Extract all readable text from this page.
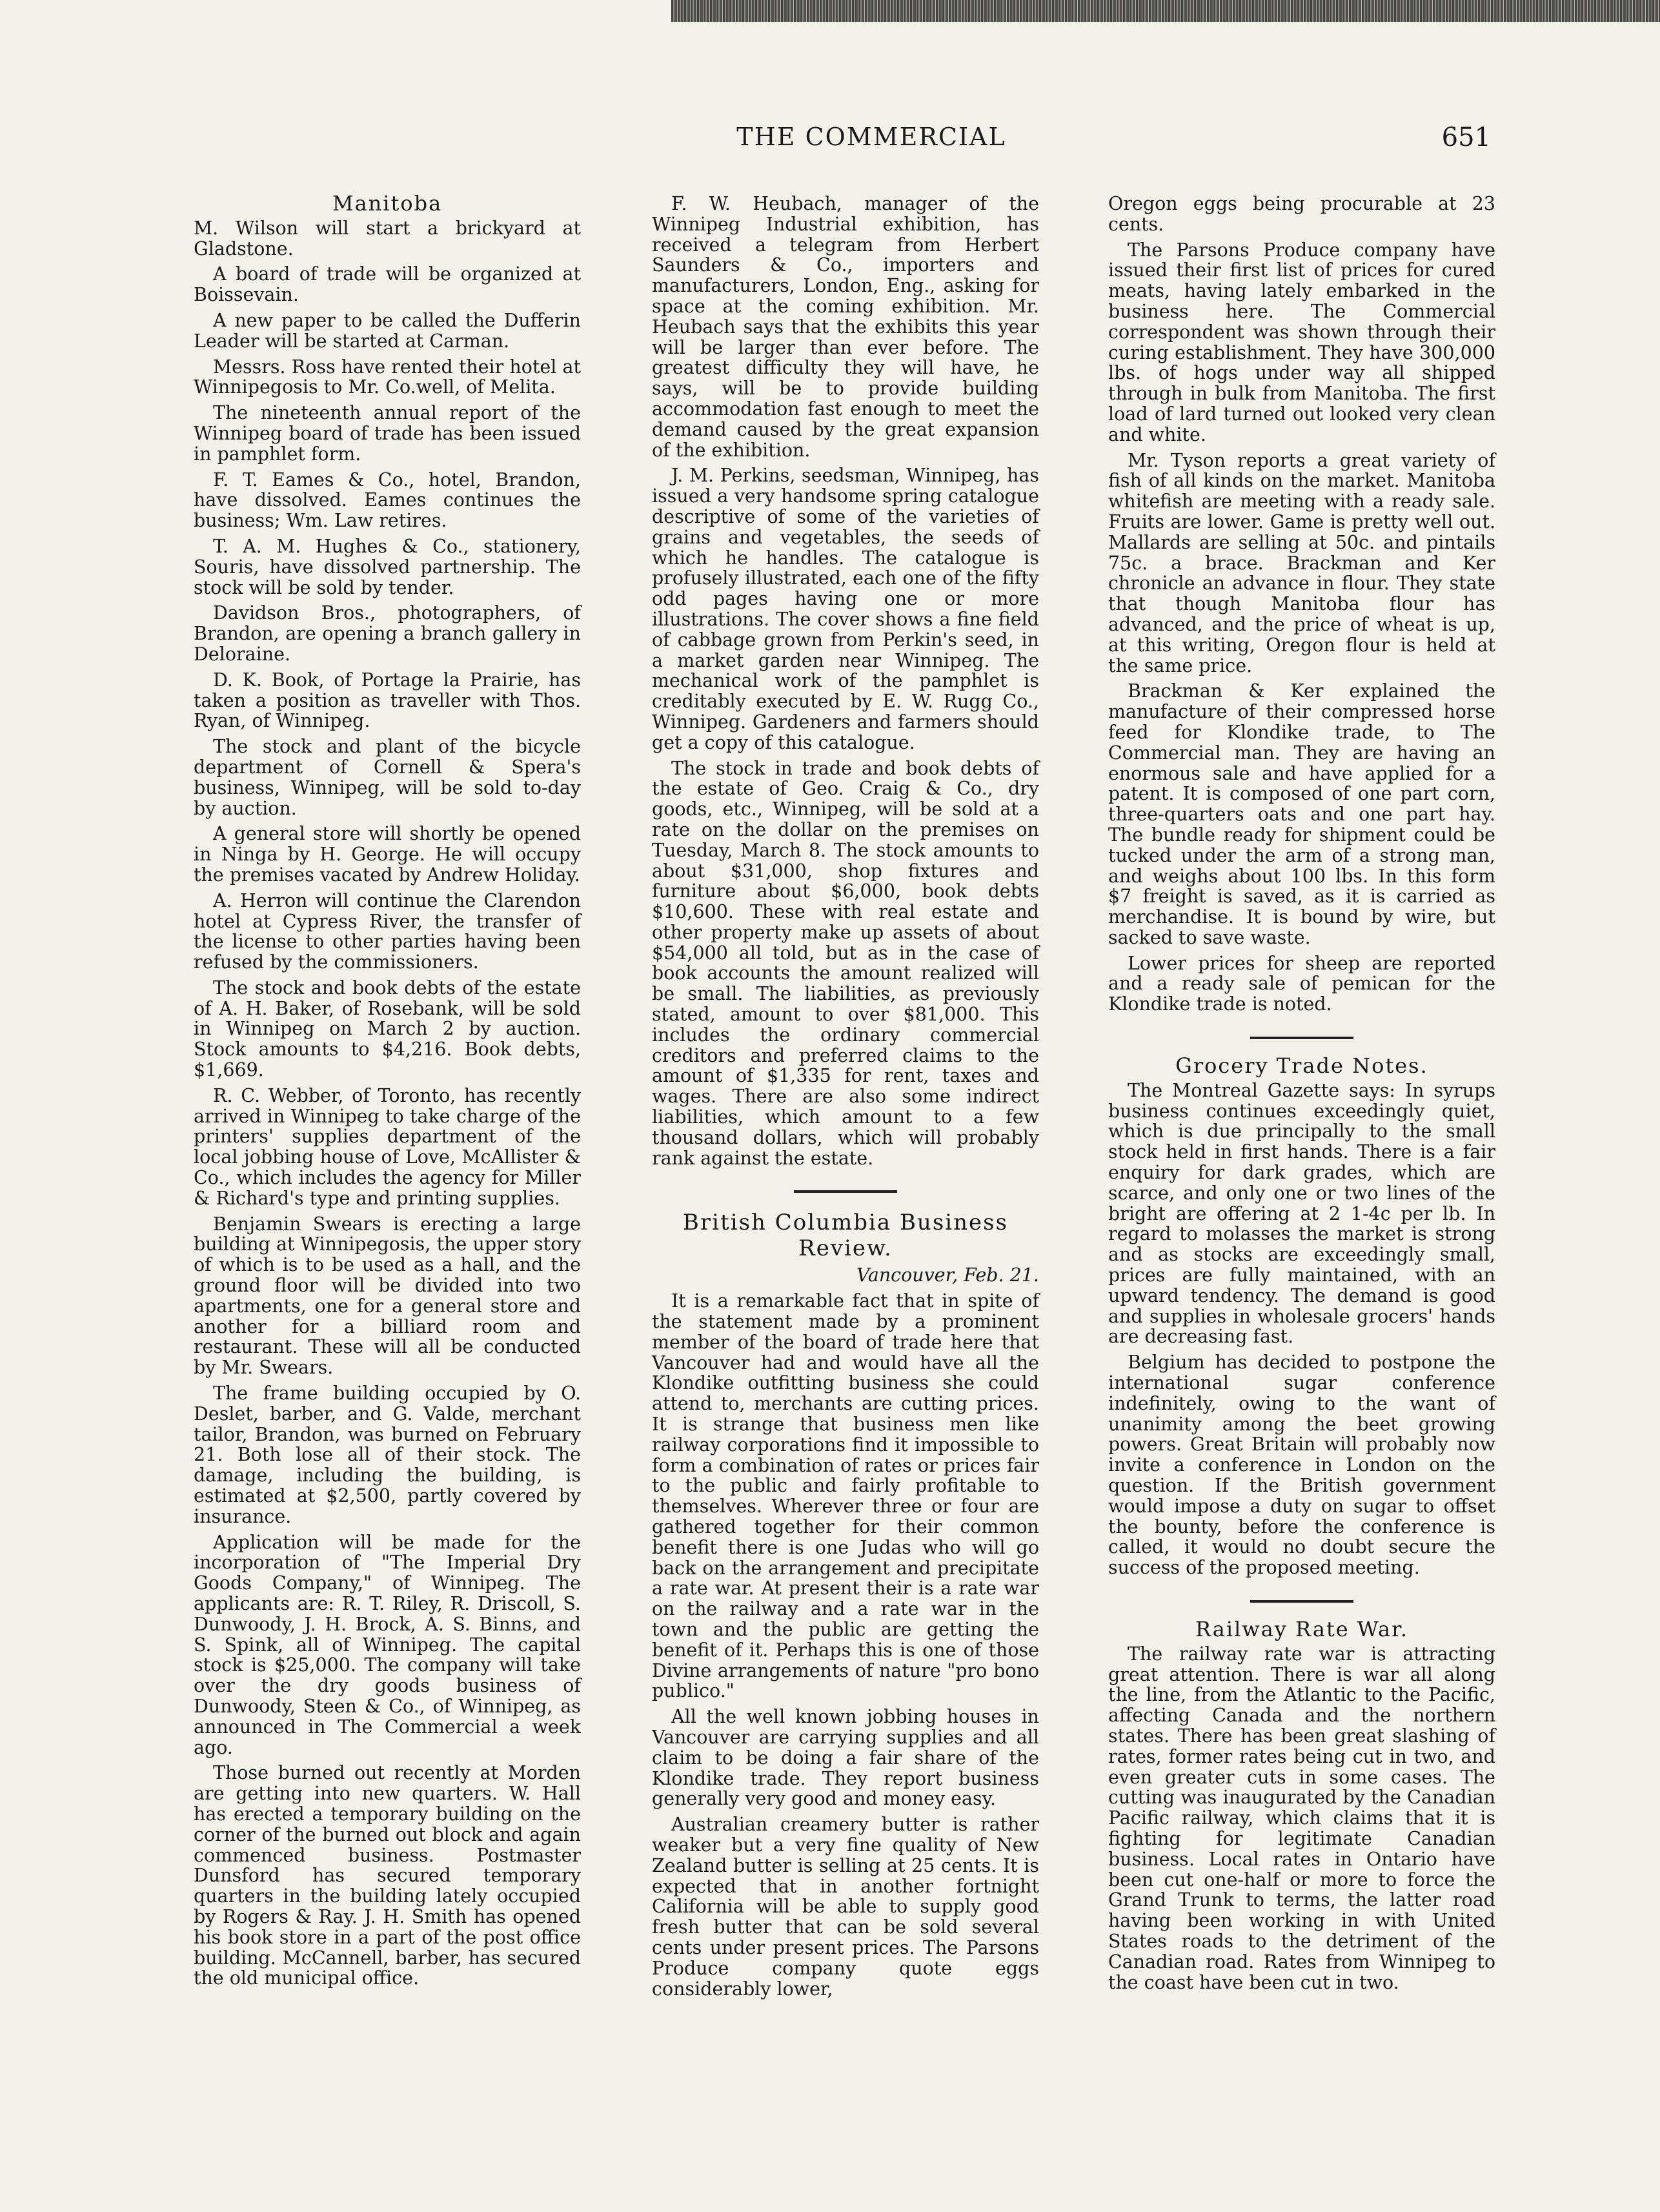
THE COMMERCIAL	651
Manitoba

M. Wilson will start a brickyard at Gladstone.

A board of trade will be organized at Boissevain.

A new paper to be called the Dufferin Leader will be started at Carman.

Messrs. Ross have rented their hotel at Winnipegosis to Mr. Co.well, of Melita.

The nineteenth annual report of the Winnipeg board of trade has been issued in pamphlet form.

F. T. Eames & Co., hotel, Brandon, have dissolved. Eames continues the business; Wm. Law retires.

T. A. M. Hughes & Co., stationery, Souris, have dissolved partnership. The stock will be sold by tender.

Davidson Bros., photographers, of Brandon, are opening a branch gallery in Deloraine.

D. K. Book, of Portage la Prairie, has taken a position as traveller with Thos. Ryan, of Winnipeg.

The stock and plant of the bicycle department of Cornell & Spera's business, Winnipeg, will be sold to-day by auction.

A general store will shortly be opened in Ninga by H. George. He will occupy the premises vacated by Andrew Holiday.

A. Herron will continue the Clarendon hotel at Cypress River, the transfer of the license to other parties having been refused by the commissioners.

The stock and book debts of the estate of A. H. Baker, of Rosebank, will be sold in Winnipeg on March 2 by auction. Stock amounts to $4,216. Book debts, $1,669.

R. C. Webber, of Toronto, has recently arrived in Winnipeg to take charge of the printers' supplies department of the local jobbing house of Love, McAllister & Co., which includes the agency for Miller & Richard's type and printing supplies.

Benjamin Swears is erecting a large building at Winnipegosis, the upper story of which is to be used as a hall, and the ground floor will be divided into two apartments, one for a general store and another for a billiard room and restaurant. These will all be conducted by Mr. Swears.

The frame building occupied by O. Deslet, barber, and G. Valde, merchant tailor, Brandon, was burned on February 21. Both lose all of their stock. The damage, including the building, is estimated at $2,500, partly covered by insurance.

Application will be made for the incorporation of "The Imperial Dry Goods Company," of Winnipeg. The applicants are: R. T. Riley, R. Driscoll, S. Dunwoody, J. H. Brock, A. S. Binns, and S. Spink, all of Winnipeg. The capital stock is $25,000. The company will take over the dry goods business of Dunwoody, Steen & Co., of Winnipeg, as announced in The Commercial a week ago.

Those burned out recently at Morden are getting into new quarters. W. Hall has erected a temporary building on the corner of the burned out block and again commenced business. Postmaster Dunsford has secured temporary quarters in the building lately occupied by Rogers & Ray. J. H. Smith has opened his book store in a part of the post office building. McCannell, barber, has secured the old municipal office.

F. W. Heubach, manager of the Winnipeg Industrial exhibition, has received a telegram from Herbert Saunders & Co., importers and manufacturers, London, Eng., asking for space at the coming exhibition. Mr. Heubach says that the exhibits this year will be larger than ever before. The greatest difficulty they will have, he says, will be to provide building accommodation fast enough to meet the demand caused by the great expansion of the exhibition.

J. M. Perkins, seedsman, Winnipeg, has issued a very handsome spring catalogue descriptive of some of the varieties of grains and vegetables, the seeds of which he handles. The catalogue is profusely illustrated, each one of the fifty odd pages having one or more illustrations. The cover shows a fine field of cabbage grown from Perkin's seed, in a market garden near Winnipeg. The mechanical work of the pamphlet is creditably executed by E. W. Rugg Co., Winnipeg. Gardeners and farmers should get a copy of this catalogue.

The stock in trade and book debts of the estate of Geo. Craig & Co., dry goods, etc., Winnipeg, will be sold at a rate on the dollar on the premises on Tuesday, March 8. The stock amounts to about $31,000, shop fixtures and furniture about $6,000, book debts $10,600. These with real estate and other property make up assets of about $54,000 all told, but as in the case of book accounts the amount realized will be small. The liabilities, as previously stated, amount to over $81,000. This includes the ordinary commercial creditors and preferred claims to the amount of $1,335 for rent, taxes and wages. There are also some indirect liabilities, which amount to a few thousand dollars, which will probably rank against the estate.

British Columbia Business
Review.
Vancouver, Feb. 21.

It is a remarkable fact that in spite of the statement made by a prominent member of the board of trade here that Vancouver had and would have all the Klondike outfitting business she could attend to, merchants are cutting prices. It is strange that business men like railway corporations find it impossible to form a combination of rates or prices fair to the public and fairly profitable to themselves. Wherever three or four are gathered together for their common benefit there is one Judas who will go back on the arrangement and precipitate a rate war. At present their is a rate war on the railway and a rate war in the town and the public are getting the benefit of it. Perhaps this is one of those Divine arrangements of nature "pro bono publico."

All the well known jobbing houses in Vancouver are carrying supplies and all claim to be doing a fair share of the Klondike trade. They report business generally very good and money easy.

Australian creamery butter is rather weaker but a very fine quality of New Zealand butter is selling at 25 cents. It is expected that in another fortnight California will be able to supply good fresh butter that can be sold several cents under present prices. The Parsons Produce company quote eggs considerably lower,

Oregon eggs being procurable at 23 cents.

The Parsons Produce company have issued their first list of prices for cured meats, having lately embarked in the business here. The Commercial correspondent was shown through their curing establishment. They have 300,000 lbs. of hogs under way all shipped through in bulk from Manitoba. The first load of lard turned out looked very clean and white.

Mr. Tyson reports a great variety of fish of all kinds on the market. Manitoba whitefish are meeting with a ready sale. Fruits are lower. Game is pretty well out. Mallards are selling at 50c. and pintails 75c. a brace. Brackman and Ker chronicle an advance in flour. They state that though Manitoba flour has advanced, and the price of wheat is up, at this writing, Oregon flour is held at the same price.

Brackman & Ker explained the manufacture of their compressed horse feed for Klondike trade, to The Commercial man. They are having an enormous sale and have applied for a patent. It is composed of one part corn, three-quarters oats and one part hay. The bundle ready for shipment could be tucked under the arm of a strong man, and weighs about 100 lbs. In this form $7 freight is saved, as it is carried as merchandise. It is bound by wire, but sacked to save waste.

Lower prices for sheep are reported and a ready sale of pemican for the Klondike trade is noted.

Grocery Trade Notes.

The Montreal Gazette says: In syrups business continues exceedingly quiet, which is due principally to the small stock held in first hands. There is a fair enquiry for dark grades, which are scarce, and only one or two lines of the bright are offering at 2 1-4c per lb. In regard to molasses the market is strong and as stocks are exceedingly small, prices are fully maintained, with an upward tendency. The demand is good and supplies in wholesale grocers' hands are decreasing fast.

Belgium has decided to postpone the international sugar conference indefinitely, owing to the want of unanimity among the beet growing powers. Great Britain will probably now invite a conference in London on the question. If the British government would impose a duty on sugar to offset the bounty, before the conference is called, it would no doubt secure the success of the proposed meeting.

Railway Rate War.

The railway rate war is attracting great attention. There is war all along the line, from the Atlantic to the Pacific, affecting Canada and the northern states. There has been great slashing of rates, former rates being cut in two, and even greater cuts in some cases. The cutting was inaugurated by the Canadian Pacific railway, which claims that it is fighting for legitimate Canadian business. Local rates in Ontario have been cut one-half or more to force the Grand Trunk to terms, the latter road having been working in with United States roads to the detriment of the Canadian road. Rates from Winnipeg to the coast have been cut in two.
